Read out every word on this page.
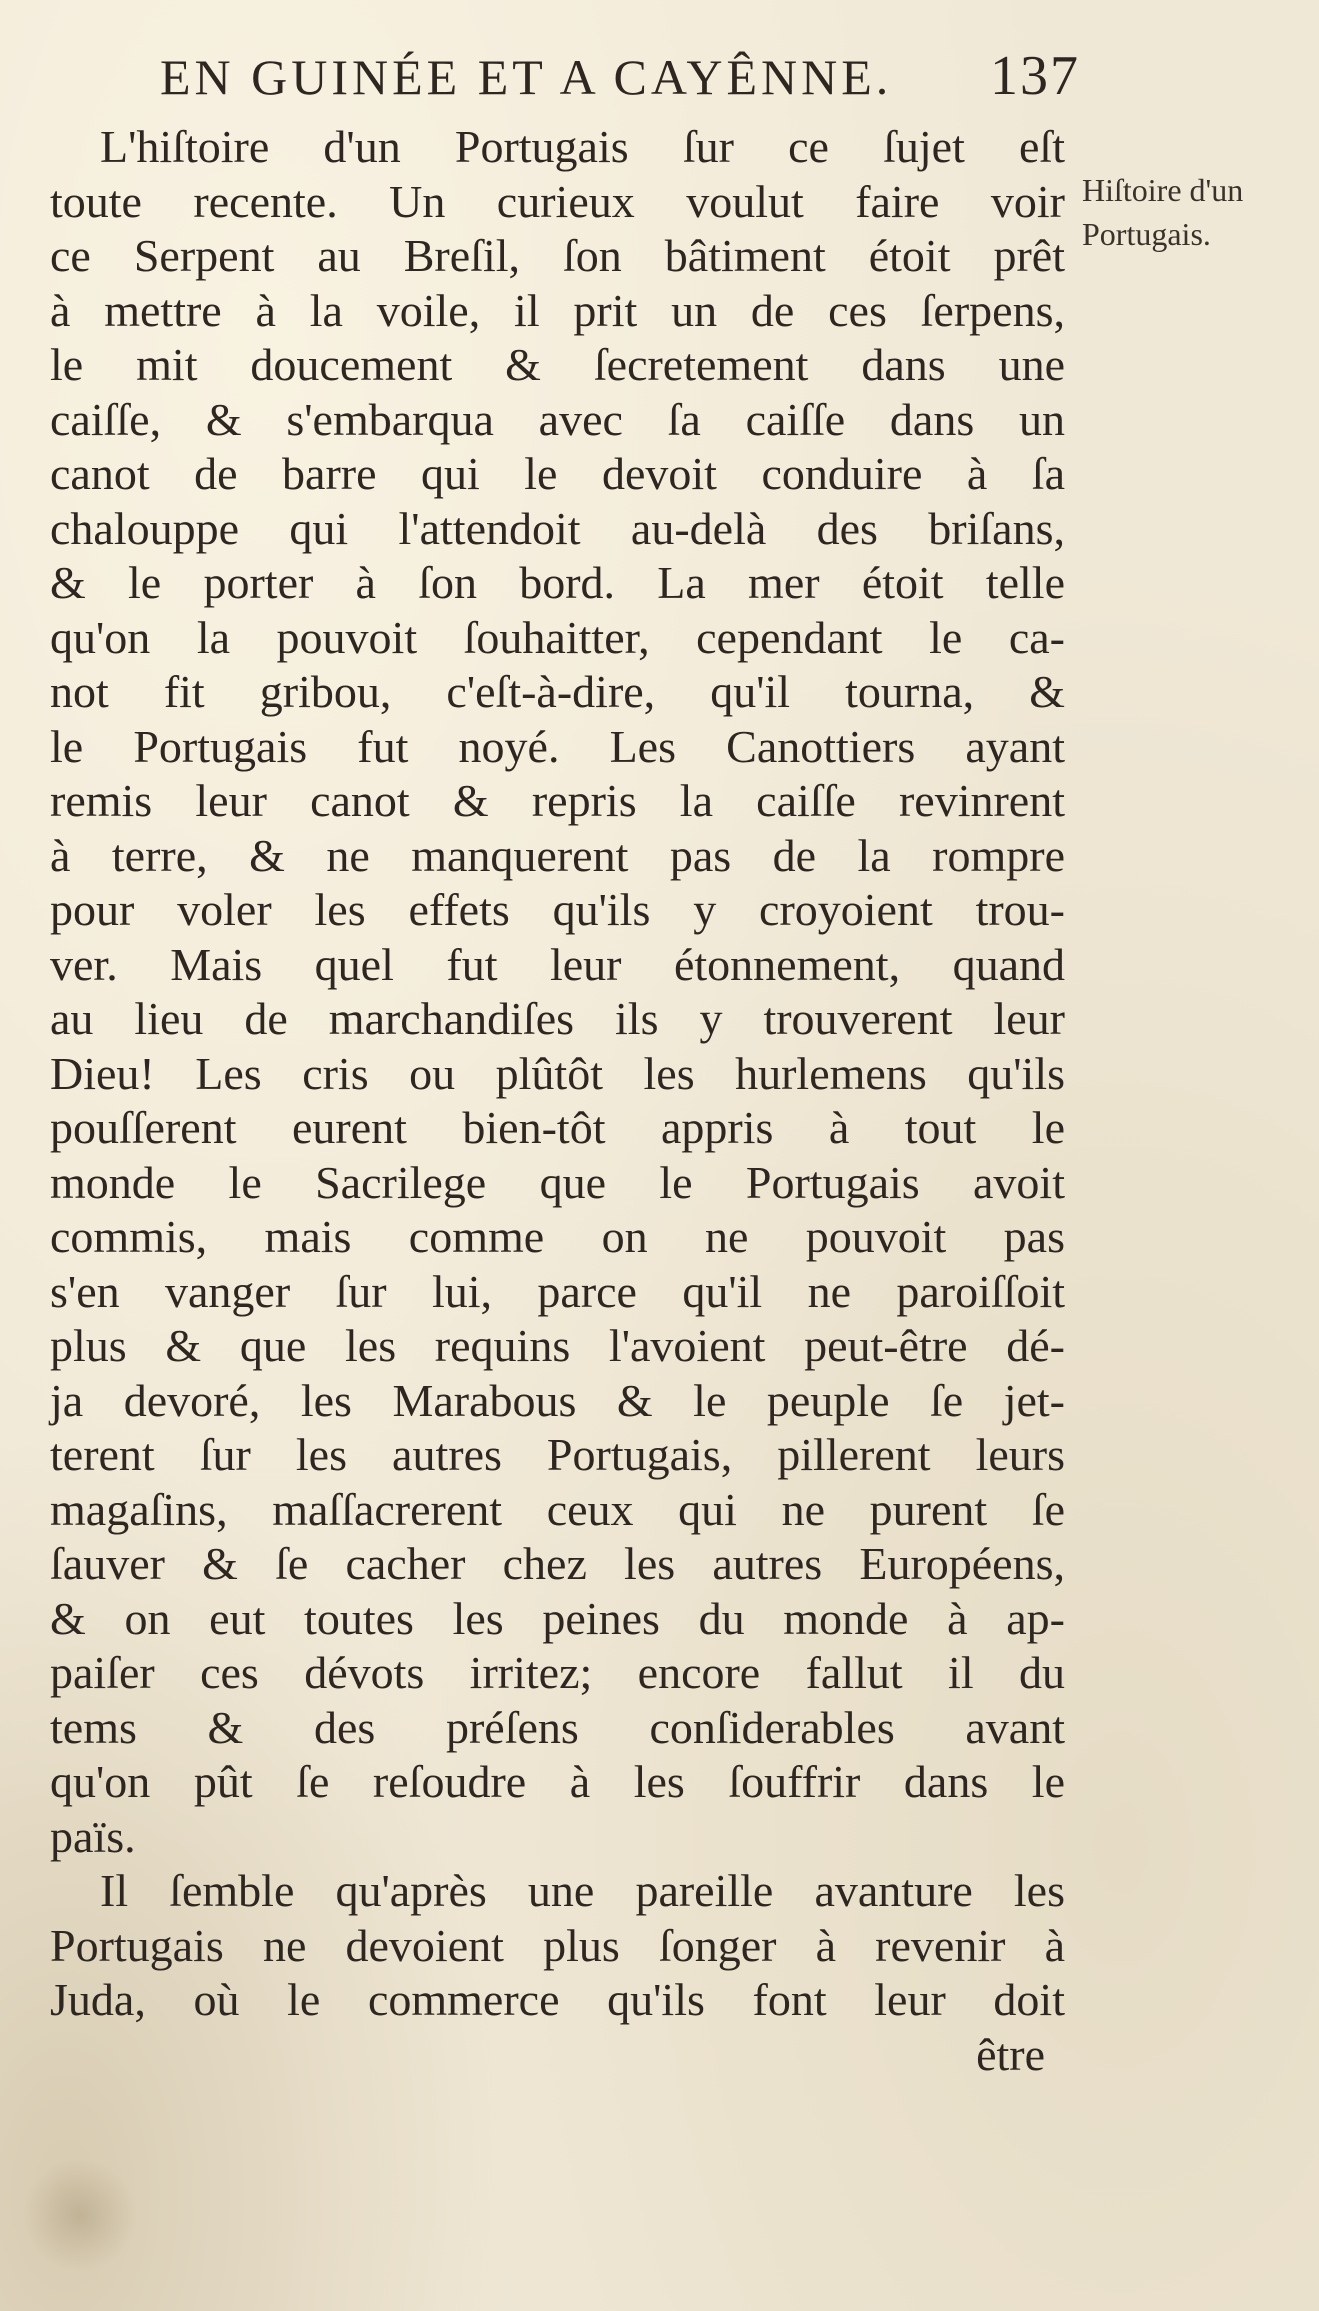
EN GUINÉE ET A CAYÊNNE. 137
L'hiſtoire d'un Portugais ſur ce ſujet eſt
toute recente. Un curieux voulut faire voir
ce Serpent au Breſil, ſon bâtiment étoit prêt
à mettre à la voile, il prit un de ces ſerpens,
le mit doucement & ſecretement dans une
caiſſe, & s'embarqua avec ſa caiſſe dans un
canot de barre qui le devoit conduire à ſa
chalouppe qui l'attendoit au-delà des briſans,
& le porter à ſon bord. La mer étoit telle
qu'on la pouvoit ſouhaitter, cependant le ca-
not fit gribou, c'eſt-à-dire, qu'il tourna, &
le Portugais fut noyé. Les Canottiers ayant
remis leur canot & repris la caiſſe revinrent
à terre, & ne manquerent pas de la rompre
pour voler les effets qu'ils y croyoient trou-
ver. Mais quel fut leur étonnement, quand
au lieu de marchandiſes ils y trouverent leur
Dieu! Les cris ou plûtôt les hurlemens qu'ils
pouſſerent eurent bien-tôt appris à tout le
monde le Sacrilege que le Portugais avoit
commis, mais comme on ne pouvoit pas
s'en vanger ſur lui, parce qu'il ne paroiſſoit
plus & que les requins l'avoient peut-être dé-
ja devoré, les Marabous & le peuple ſe jet-
terent ſur les autres Portugais, pillerent leurs
magaſins, maſſacrerent ceux qui ne purent ſe
ſauver & ſe cacher chez les autres Européens,
& on eut toutes les peines du monde à ap-
paiſer ces dévots irritez; encore fallut il du
tems & des préſens conſiderables avant
qu'on pût ſe reſoudre à les ſouffrir dans le
païs.
Il ſemble qu'après une pareille avanture les
Portugais ne devoient plus ſonger à revenir à
Juda, où le commerce qu'ils font leur doit
être
Hiſtoire d'un
Portugais.
